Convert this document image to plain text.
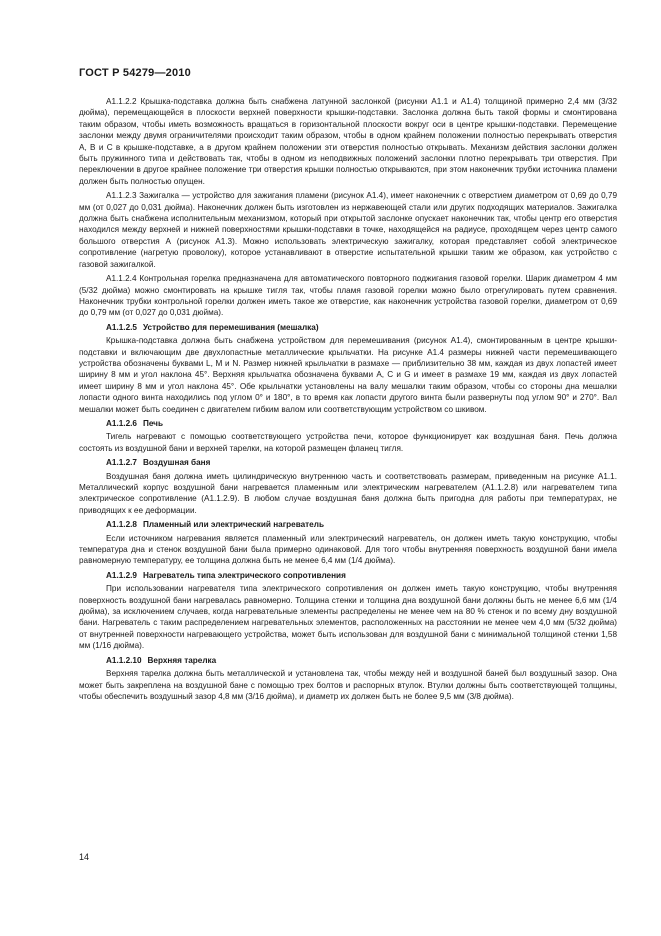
ГОСТ Р 54279—2010

А1.1.2.2 Крышка-подставка должна быть снабжена латунной заслонкой (рисунки А1.1 и А1.4) толщиной примерно 2,4 мм (3/32 дюйма), перемещающейся в плоскости верхней поверхности крышки-подставки. Заслонка должна быть такой формы и смонтирована таким образом, чтобы иметь возможность вращаться в горизонтальной плоскости вокруг оси в центре крышки-подставки. Перемещение заслонки между двумя ограничителями происходит таким образом, чтобы в одном крайнем положении полностью перекрывать отверстия А, В и С в крышке-подставке, а в другом крайнем положении эти отверстия полностью открывать. Механизм действия заслонки должен быть пружинного типа и действовать так, чтобы в одном из неподвижных положений заслонки плотно перекрывать три отверстия. При переключении в другое крайнее положение три отверстия крышки полностью открываются, при этом наконечник трубки источника пламени должен быть полностью опущен.

А1.1.2.3 Зажигалка — устройство для зажигания пламени (рисунок А1.4), имеет наконечник с отверстием диаметром от 0,69 до 0,79 мм (от 0,027 до 0,031 дюйма). Наконечник должен быть изготовлен из нержавеющей стали или других подходящих материалов. Зажигалка должна быть снабжена исполнительным механизмом, который при открытой заслонке опускает наконечник так, чтобы центр его отверстия находился между верхней и нижней поверхностями крышки-подставки в точке, находящейся на радиусе, проходящем через центр самого большого отверстия А (рисунок А1.3). Можно использовать электрическую зажигалку, которая представляет собой электрическое сопротивление (нагретую проволоку), которое устанавливают в отверстие испытательной крышки таким же образом, как устройство с газовой зажигалкой.

А1.1.2.4 Контрольная горелка предназначена для автоматического повторного поджигания газовой горелки. Шарик диаметром 4 мм (5/32 дюйма) можно смонтировать на крышке тигля так, чтобы пламя газовой горелки можно было отрегулировать путем сравнения. Наконечник трубки контрольной горелки должен иметь такое же отверстие, как наконечник устройства газовой горелки, диаметром от 0,69 до 0,79 мм (от 0,027 до 0,031 дюйма).

А1.1.2.5 Устройство для перемешивания (мешалка)

Крышка-подставка должна быть снабжена устройством для перемешивания (рисунок А1.4), смонтированным в центре крышки-подставки и включающим две двухлопастные металлические крыльчатки. На рисунке А1.4 размеры нижней части перемешивающего устройства обозначены буквами L, M и N. Размер нижней крыльчатки в размахе — приблизительно 38 мм, каждая из двух лопастей имеет ширину 8 мм и угол наклона 45°. Верхняя крыльчатка обозначена буквами А, С и G и имеет в размахе 19 мм, каждая из двух лопастей имеет ширину 8 мм и угол наклона 45°. Обе крыльчатки установлены на валу мешалки таким образом, чтобы со стороны дна мешалки лопасти одного винта находились под углом 0° и 180°, в то время как лопасти другого винта были развернуты под углом 90° и 270°. Вал мешалки может быть соединен с двигателем гибким валом или соответствующим устройством со шкивом.

А1.1.2.6 Печь

Тигель нагревают с помощью соответствующего устройства печи, которое функционирует как воздушная баня. Печь должна состоять из воздушной бани и верхней тарелки, на которой размещен фланец тигля.

А1.1.2.7 Воздушная баня

Воздушная баня должна иметь цилиндрическую внутреннюю часть и соответствовать размерам, приведенным на рисунке А1.1. Металлический корпус воздушной бани нагревается пламенным или электрическим нагревателем (А1.1.2.8) или нагревателем типа электрическое сопротивление (А1.1.2.9). В любом случае воздушная баня должна быть пригодна для работы при температурах, не приводящих к ее деформации.

А1.1.2.8 Пламенный или электрический нагреватель

Если источником нагревания является пламенный или электрический нагреватель, он должен иметь такую конструкцию, чтобы температура дна и стенок воздушной бани была примерно одинаковой. Для того чтобы внутренняя поверхность воздушной бани имела равномерную температуру, ее толщина должна быть не менее 6,4 мм (1/4 дюйма).

А1.1.2.9 Нагреватель типа электрического сопротивления

При использовании нагревателя типа электрического сопротивления он должен иметь такую конструкцию, чтобы внутренняя поверхность воздушной бани нагревалась равномерно. Толщина стенки и толщина дна воздушной бани должны быть не менее 6,6 мм (1/4 дюйма), за исключением случаев, когда нагревательные элементы распределены не менее чем на 80 % стенок и по всему дну воздушной бани. Нагреватель с таким распределением нагревательных элементов, расположенных на расстоянии не менее чем 4,0 мм (5/32 дюйма) от внутренней поверхности нагревающего устройства, может быть использован для воздушной бани с минимальной толщиной стенки 1,58 мм (1/16 дюйма).

А1.1.2.10 Верхняя тарелка

Верхняя тарелка должна быть металлической и установлена так, чтобы между ней и воздушной баней был воздушный зазор. Она может быть закреплена на воздушной бане с помощью трех болтов и распорных втулок. Втулки должны быть соответствующей толщины, чтобы обеспечить воздушный зазор 4,8 мм (3/16 дюйма), и диаметр их должен быть не более 9,5 мм (3/8 дюйма).

14
